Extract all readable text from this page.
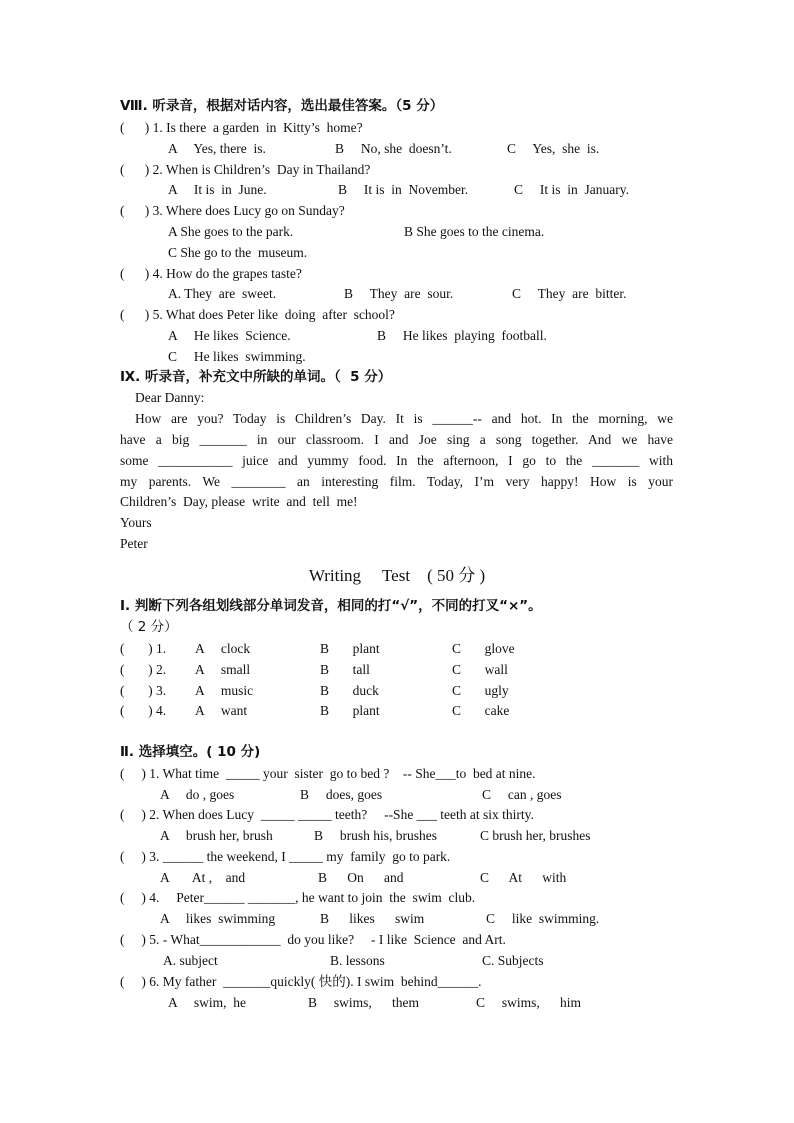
Ⅷ. 听录音，根据对话内容，选出最佳答案。（5 分）
(      ) 1. Is there  a garden  in  Kitty’s  home?
A     Yes, there  is.	B     No, she  doesn’t.	C     Yes,  she  is.
(      ) 2. When is Children’s  Day in Thailand?
A     It is  in  June.	B     It is  in  November.	C     It is  in  January.
(      ) 3. Where does Lucy go on Sunday?
A She goes to the park.	B She goes to the cinema.
C She go to the  museum.
(      ) 4. How do the grapes taste?
A. They  are  sweet.	B     They  are  sour.	C     They  are  bitter.
(      ) 5. What does Peter like  doing  after  school?
A     He likes  Science.	B     He likes  playing  football.
C     He likes  swimming.
Ⅸ. 听录音，补充文中所缺的单词。（  5 分）
Dear Danny:
How are you? Today is Children’s Day. It is ______-- and hot. In the morning, we
have a big _______ in our classroom. I and Joe sing a song together. And we have
some ___________ juice and yummy food. In the afternoon, I go to the _______ with
my parents. We ________ an interesting film. Today, I’m very happy! How is your
Children’s  Day, please  write  and  tell  me!
Yours
Peter
Writing     Test    ( 50 分 )
Ⅰ. 判断下列各组划线部分单词发音，相同的打“√”，不同的打叉“×”。
（ 2 分）
(       ) 1. A     clock	B       plant	C       glove
(       ) 2. A     small	B       tall	C       wall
(       ) 3. A     music	B       duck	C       ugly
(       ) 4. A     want	B       plant	C       cake
Ⅱ. 选择填空。( 10 分)
(     ) 1. What time  _____ your  sister  go to bed ?    -- She___to  bed at nine.
A     do , goes	B     does, goes	C     can , goes
(     ) 2. When does Lucy  _____ _____ teeth?     --She ___ teeth at six thirty.
A     brush her, brush	B     brush his, brushes	C brush her, brushes
(     ) 3. ______ the weekend, I _____ my  family  go to park.
A       At ,    and	B      On      and	C      At      with
(     ) 4.     Peter______ _______, he want to join  the  swim  club.
A     likes  swimming	B      likes      swim	C     like  swimming.
(     ) 5. - What____________  do you like?     - I like  Science  and Art.
A. subject	B. lessons	C. Subjects
(     ) 6. My father  _______quickly( 快的). I swim  behind______.
A     swim,  he	B     swims,      them	C     swims,      him
